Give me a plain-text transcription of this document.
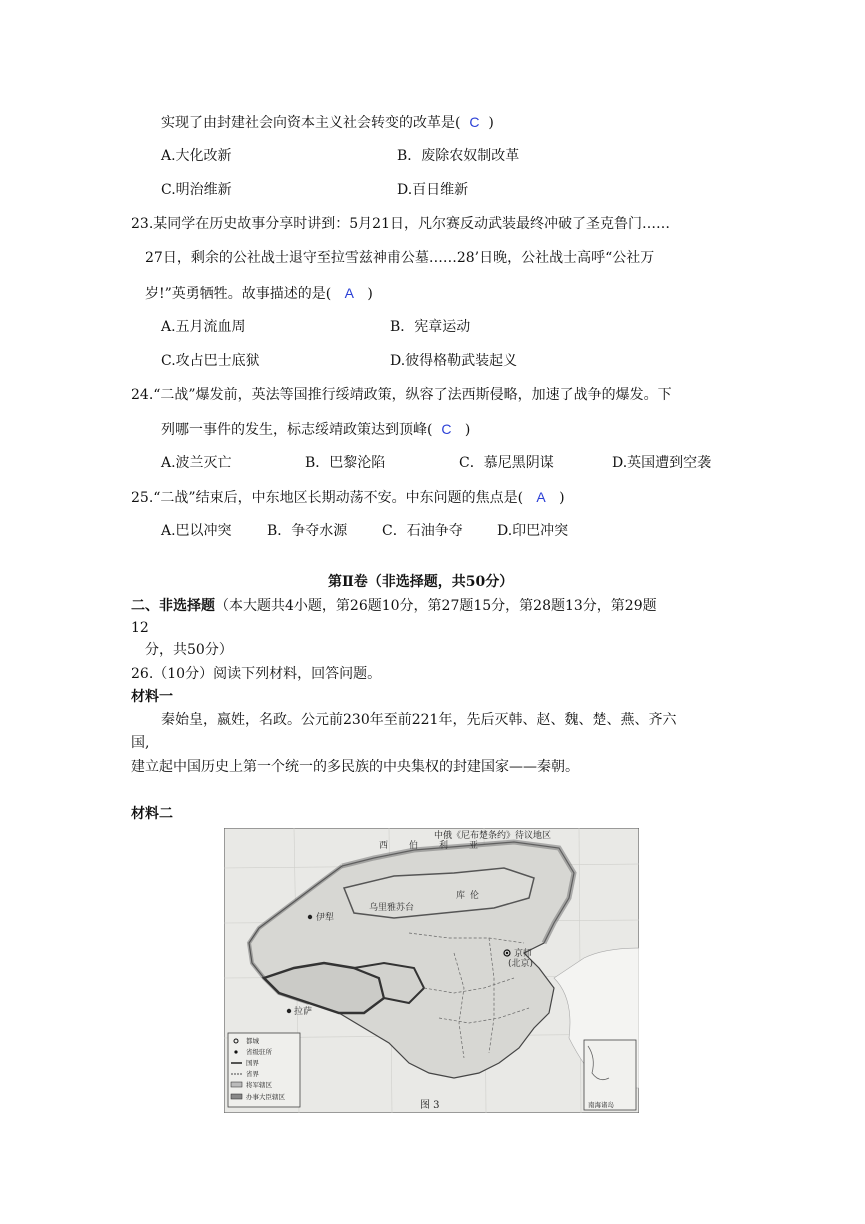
实现了由封建社会向资本主义社会转变的改革是( C )
A.大化改新	B．废除农奴制改革
C.明治维新	D.百日维新
23.某同学在历史故事分享时讲到：5月21日，凡尔赛反动武装最终冲破了圣克鲁门……
27日，剩余的公社战士退守至拉雪兹神甫公墓……28’日晚，公社战士高呼“公社万
岁!”英勇牺牲。故事描述的是( A )
A.五月流血周	B．宪章运动
C.攻占巴士底狱	D.彼得格勒武装起义
24.“二战”爆发前，英法等国推行绥靖政策，纵容了法西斯侵略，加速了战争的爆发。下
列哪一事件的发生，标志绥靖政策达到顶峰( C )
A.波兰灭亡	B．巴黎沦陷	C．慕尼黑阴谋	D.英国遭到空袭
25.“二战”结束后，中东地区长期动荡不安。中东问题的焦点是( A )
A.巴以冲突	B．争夺水源 C．石油争夺 D.印巴冲突
第Ⅱ卷（非选择题，共50分）
二、非选择题（本大题共4小题，第26题10分，第27题15分，第28题13分，第29题
12
分，共50分）
26.（10分）阅读下列材料，回答问题。
材料一
秦始皇，嬴姓，名政。公元前230年至前221年，先后灭韩、赵、魏、楚、燕、齐六
国,
建立起中国历史上第一个统一的多民族的中央集权的封建国家——秦朝。
材料二
中俄《尼布楚条约》待议地区
西 伯 利 亚
乌里雅苏台
伊犁
京师
(北京)
拉萨
库 伦
都城
省级驻所
国界
省界
将军辖区
办事大臣辖区
南海诸岛
图 3
